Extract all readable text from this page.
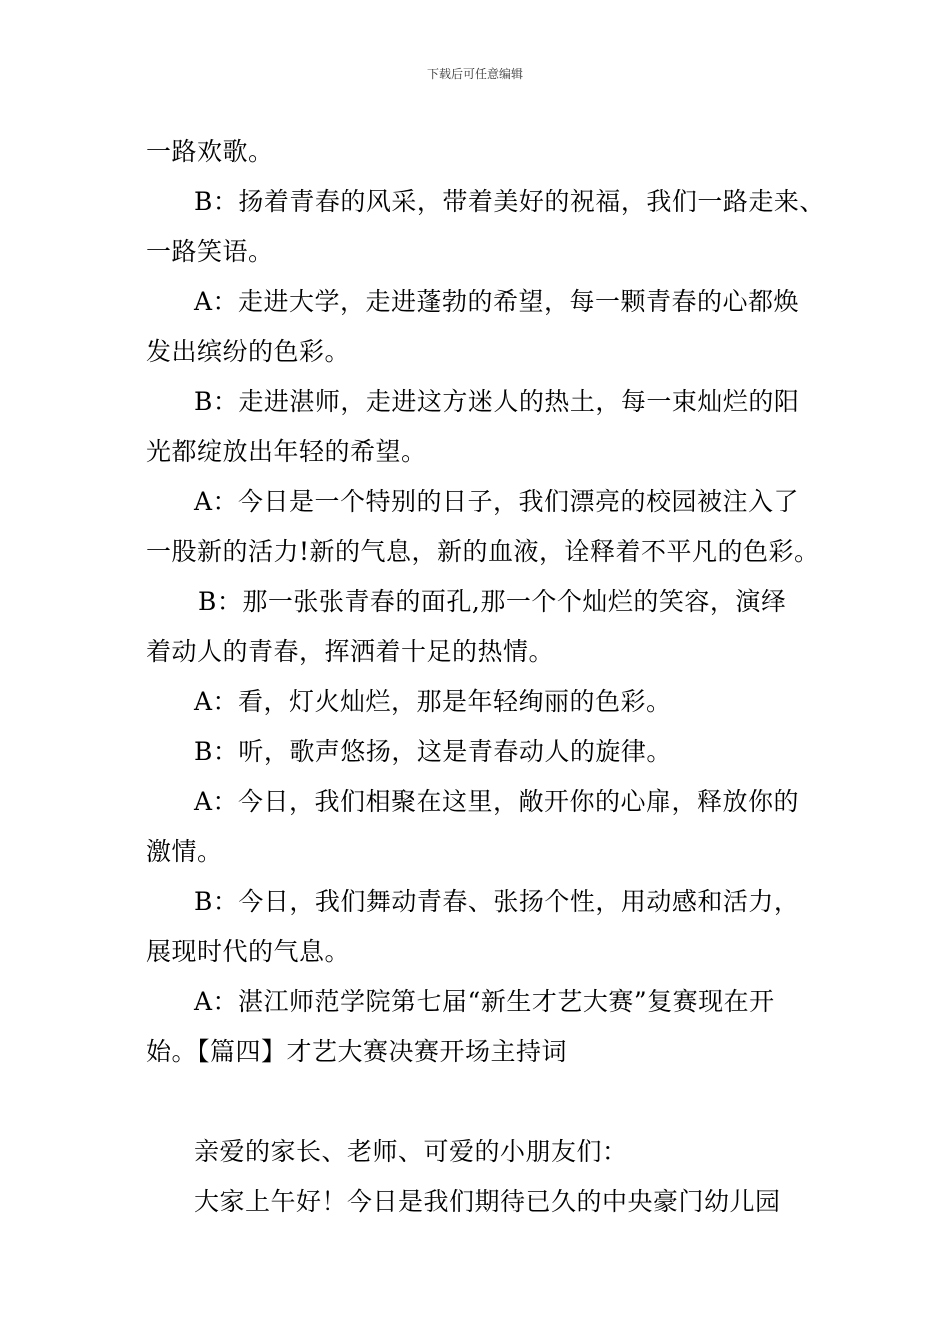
下载后可任意编辑
一路欢歌。
B：扬着青春的风采，带着美好的祝福，我们一路走来、
一路笑语。
A：走进大学，走进蓬勃的希望，每一颗青春的心都焕
发出缤纷的色彩。
B：走进湛师，走进这方迷人的热土，每一束灿烂的阳
光都绽放出年轻的希望。
A：今日是一个特别的日子，我们漂亮的校园被注入了
一股新的活力!新的气息，新的血液，诠释着不平凡的色彩。
B：那一张张青春的面孔,那一个个灿烂的笑容，演绎
着动人的青春，挥洒着十足的热情。
A：看，灯火灿烂，那是年轻绚丽的色彩。
B：听，歌声悠扬，这是青春动人的旋律。
A：今日，我们相聚在这里，敞开你的心扉，释放你的
激情。
B：今日，我们舞动青春、张扬个性，用动感和活力，
展现时代的气息。
A：湛江师范学院第七届“新生才艺大赛”复赛现在开
始。【篇四】才艺大赛决赛开场主持词
亲爱的家长、老师、可爱的小朋友们：
大家上午好！今日是我们期待已久的中央豪门幼儿园
